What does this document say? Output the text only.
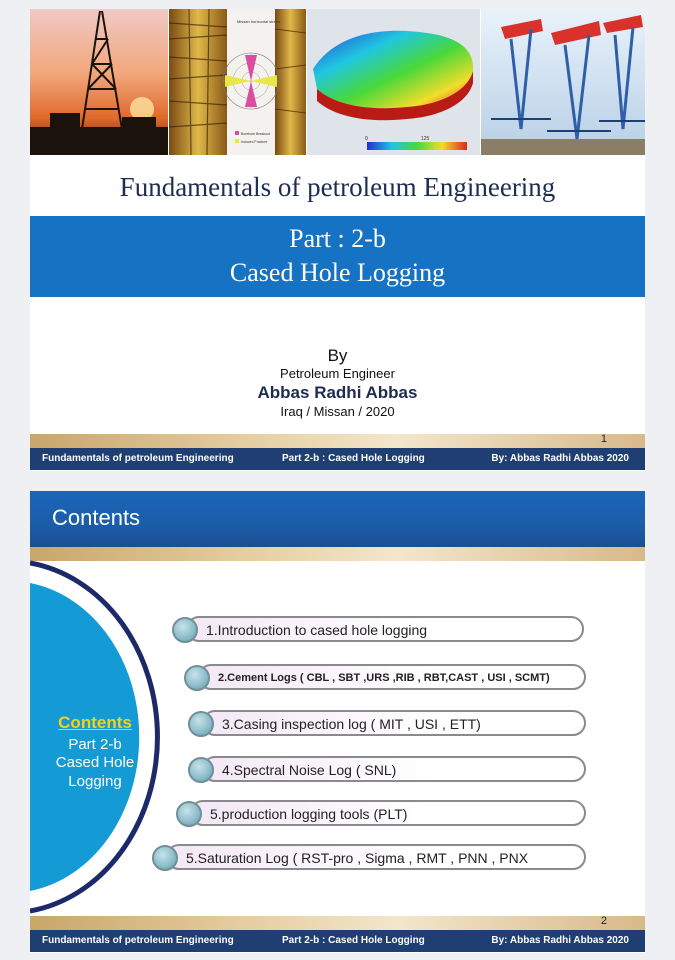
Missan horizontal stress
Borehole Breakout
Induced Fracture	0	125
Fundamentals of petroleum Engineering
Part : 2-b
Cased Hole Logging
By
Petroleum Engineer
Abbas Radhi Abbas
Iraq / Missan / 2020
1
Fundamentals of petroleum Engineering	Part 2-b : Cased Hole Logging	By: Abbas Radhi Abbas 2020
Contents
Contents
Part 2-b
Cased Hole
Logging
1.Introduction to cased hole logging
2.Cement Logs ( CBL , SBT ,URS ,RIB , RBT,CAST , USI , SCMT)
3.Casing inspection log ( MIT , USI , ETT)
4.Spectral Noise Log ( SNL)
5.production logging tools (PLT)
5.Saturation Log ( RST-pro , Sigma , RMT , PNN , PNX
2
Fundamentals of petroleum Engineering	Part 2-b : Cased Hole Logging	By: Abbas Radhi Abbas 2020
